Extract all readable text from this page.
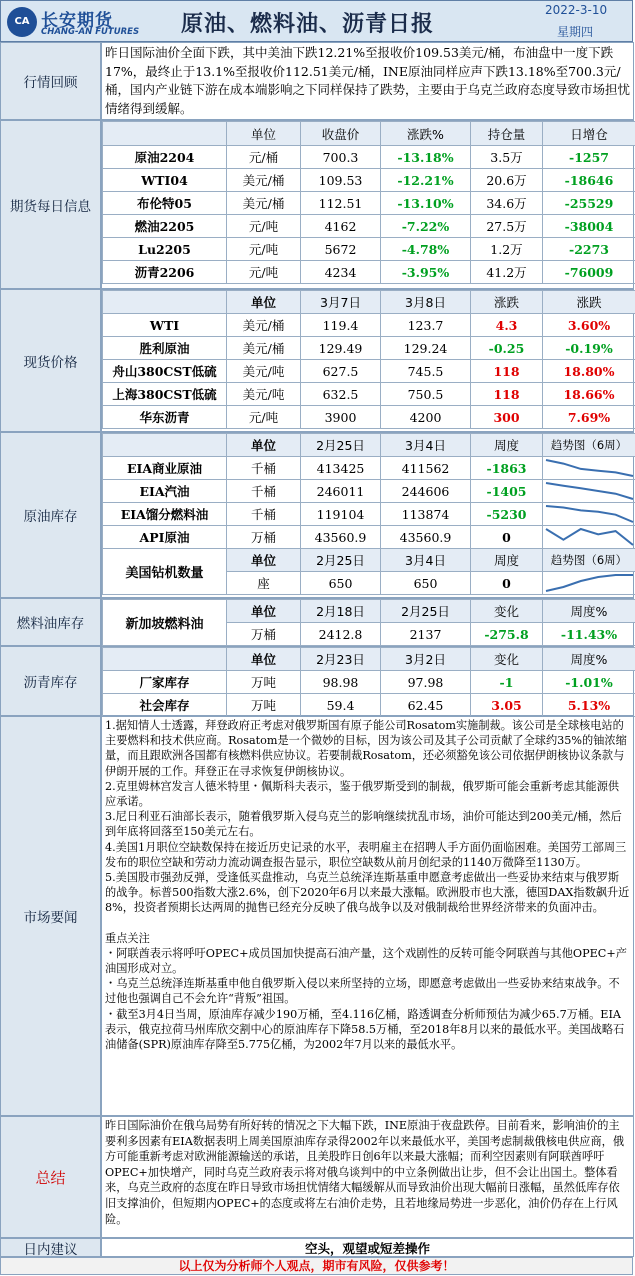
CA 长安期货
CHANG-AN FUTURES 原油、燃料油、沥青日报
2022-3-10
星期四
行情回顾
昨日国际油价全面下跌，其中美油下跌12.21%至报收价109.53美元/桶，布油盘中一度下跌17%，最终止于13.1%至报收价112.51美元/桶，INE原油同样应声下跌13.18%至700.3元/桶，国内产业链下游在成本端影响之下同样保持了跌势，主要由于乌克兰政府态度导致市场担忧情绪得到缓解。
期货每日信息
	单位	收盘价	涨跌%	持仓量	日增仓
原油2204	元/桶	700.3	-13.18%	3.5万	-1257
WTI04	美元/桶	109.53	-12.21%	20.6万	-18646
布伦特05	美元/桶	112.51	-13.10%	34.6万	-25529
燃油2205	元/吨	4162	-7.22%	27.5万	-38004
Lu2205	元/吨	5672	-4.78%	1.2万	-2273
沥青2206	元/吨	4234	-3.95%	41.2万	-76009
现货价格
	单位	3月7日	3月8日	涨跌	涨跌
WTI	美元/桶	119.4	123.7	4.3	3.60%
胜利原油	美元/桶	129.49	129.24	-0.25	-0.19%
舟山380CST低硫	美元/吨	627.5	745.5	118	18.80%
上海380CST低硫	美元/吨	632.5	750.5	118	18.66%
华东沥青	元/吨	3900	4200	300	7.69%
原油库存
	单位	2月25日	3月4日	周度	趋势图（6周）
EIA商业原油	千桶	413425	411562	-1863	

EIA汽油	千桶	246011	244606	-1405	

EIA馏分燃料油	千桶	119104	113874	-5230	

API原油	万桶	43560.9	43560.9	0	

美国钻机数量	单位	2月25日	3月4日	周度	趋势图（6周）
	座	650	650	0	
燃料油库存	新加坡燃料油	单位	2月18日	2月25日	变化	周度%
	万桶	2412.8	2137	-275.8	-11.43%
沥青库存
	单位	2月23日	3月2日	变化	周度%
厂家库存	万吨	98.98	97.98	-1	-1.01%
社会库存	万吨	59.4	62.45	3.05	5.13%
市场要闻

1.据知情人士透露，拜登政府正考虑对俄罗斯国有原子能公司Rosatom实施制裁。该公司是全球核电站的主要燃料和技术供应商。Rosatom是一个微妙的目标，因为该公司及其子公司贡献了全球约35%的铀浓缩量，而且跟欧洲各国都有核燃料供应协议。若要制裁Rosatom，还必须豁免该公司依据伊朗核协议条款与伊朗开展的工作。拜登正在寻求恢复伊朗核协议。

2.克里姆林宫发言人德米特里・佩斯科夫表示，鉴于俄罗斯受到的制裁，俄罗斯可能会重新考虑其能源供应承诺。

3.尼日利亚石油部长表示，随着俄罗斯入侵乌克兰的影响继续扰乱市场，油价可能达到200美元/桶，然后到年底将回落至150美元左右。

4.美国1月职位空缺数保持在接近历史记录的水平，表明雇主在招聘人手方面仍面临困难。美国劳工部周三发布的职位空缺和劳动力流动调查报告显示，职位空缺数从前月创纪录的1140万微降至1130万。

5.美国股市强劲反弹，受逢低买盘推动，乌克兰总统泽连斯基重申愿意考虑做出一些妥协来结束与俄罗斯的战争。标普500指数大涨2.6%，创下2020年6月以来最大涨幅。欧洲股市也大涨，德国DAX指数飙升近8%，投资者预期长达两周的抛售已经充分反映了俄乌战争以及对俄制裁给世界经济带来的负面冲击。

重点关注

・阿联酋表示将呼吁OPEC+成员国加快提高石油产量，这个戏剧性的反转可能令阿联酋与其他OPEC+产油国形成对立。

・乌克兰总统泽连斯基重申他自俄罗斯入侵以来所坚持的立场，即愿意考虑做出一些妥协来结束战争。不过他也强调自己不会允许“背叛”祖国。

・截至3月4日当周，原油库存减少190万桶，至4.116亿桶，路透调查分析师预估为减少65.7万桶。EIA表示，俄克拉荷马州库欣交割中心的原油库存下降58.5万桶，至2018年8月以来的最低水平。美国战略石油储备(SPR)原油库存降至5.775亿桶，为2002年7月以来的最低水平。

总结

昨日国际油价在俄乌局势有所好转的情况之下大幅下跌，INE原油于夜盘跌停。目前看来，影响油价的主要利多因素有EIA数据表明上周美国原油库存录得2002年以来最低水平，美国考虑制裁俄核电供应商，俄方可能重新考虑对欧洲能源输送的承诺，且美股昨日创6年以来最大涨幅；而利空因素则有阿联酋呼吁OPEC+加快增产，同时乌克兰政府表示将对俄乌谈判中的中立条例做出让步，但不会让出国土。整体看来，乌克兰政府的态度在昨日导致市场担忧情绪大幅缓解从而导致油价出现大幅前日涨幅，虽然低库存依旧支撑油价，但短期内OPEC+的态度或将左右油价走势，且若地缘局势进一步恶化，油价仍存在上行风险。

日内建议	空头，观望或短差操作
以上仅为分析师个人观点，期市有风险，仅供参考！
